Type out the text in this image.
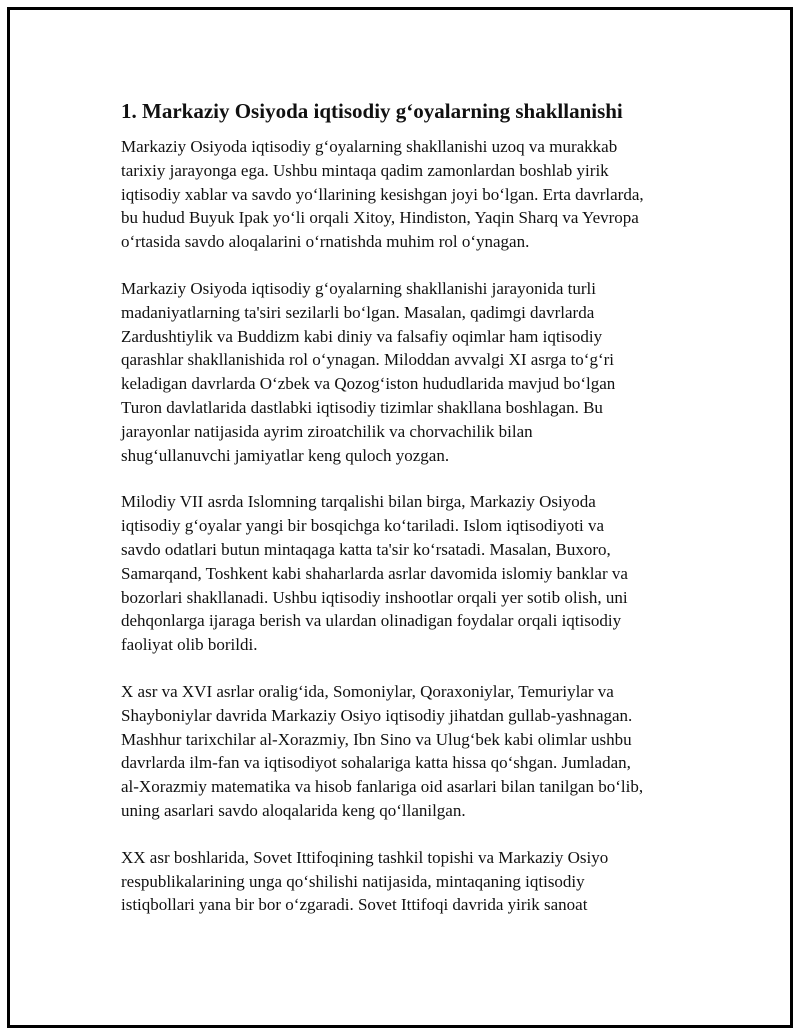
1. Markaziy Osiyoda iqtisodiy g‘oyalarning shakllanishi

Markaziy Osiyoda iqtisodiy g‘oyalarning shakllanishi uzoq va murakkab
tarixiy jarayonga ega. Ushbu mintaqa qadim zamonlardan boshlab yirik
iqtisodiy xablar va savdo yo‘llarining kesishgan joyi bo‘lgan. Erta davrlarda,
bu hudud Buyuk Ipak yo‘li orqali Xitoy, Hindiston, Yaqin Sharq va Yevropa
o‘rtasida savdo aloqalarini o‘rnatishda muhim rol o‘ynagan.

Markaziy Osiyoda iqtisodiy g‘oyalarning shakllanishi jarayonida turli
madaniyatlarning ta'siri sezilarli bo‘lgan. Masalan, qadimgi davrlarda
Zardushtiylik va Buddizm kabi diniy va falsafiy oqimlar ham iqtisodiy
qarashlar shakllanishida rol o‘ynagan. Miloddan avvalgi XI asrga to‘g‘ri
keladigan davrlarda O‘zbek va Qozog‘iston hududlarida mavjud bo‘lgan
Turon davlatlarida dastlabki iqtisodiy tizimlar shakllana boshlagan. Bu
jarayonlar natijasida ayrim ziroatchilik va chorvachilik bilan
shug‘ullanuvchi jamiyatlar keng quloch yozgan.

Milodiy VII asrda Islomning tarqalishi bilan birga, Markaziy Osiyoda
iqtisodiy g‘oyalar yangi bir bosqichga ko‘tariladi. Islom iqtisodiyoti va
savdo odatlari butun mintaqaga katta ta'sir ko‘rsatadi. Masalan, Buxoro,
Samarqand, Toshkent kabi shaharlarda asrlar davomida islomiy banklar va
bozorlari shakllanadi. Ushbu iqtisodiy inshootlar orqali yer sotib olish, uni
dehqonlarga ijaraga berish va ulardan olinadigan foydalar orqali iqtisodiy
faoliyat olib borildi.

X asr va XVI asrlar oralig‘ida, Somoniylar, Qoraxoniylar, Temuriylar va
Shayboniylar davrida Markaziy Osiyo iqtisodiy jihatdan gullab-yashnagan.
Mashhur tarixchilar al-Xorazmiy, Ibn Sino va Ulug‘bek kabi olimlar ushbu
davrlarda ilm-fan va iqtisodiyot sohalariga katta hissa qo‘shgan. Jumladan,
al-Xorazmiy matematika va hisob fanlariga oid asarlari bilan tanilgan bo‘lib,
uning asarlari savdo aloqalarida keng qo‘llanilgan.

XX asr boshlarida, Sovet Ittifoqining tashkil topishi va Markaziy Osiyo
respublikalarining unga qo‘shilishi natijasida, mintaqaning iqtisodiy
istiqbollari yana bir bor o‘zgaradi. Sovet Ittifoqi davrida yirik sanoat
